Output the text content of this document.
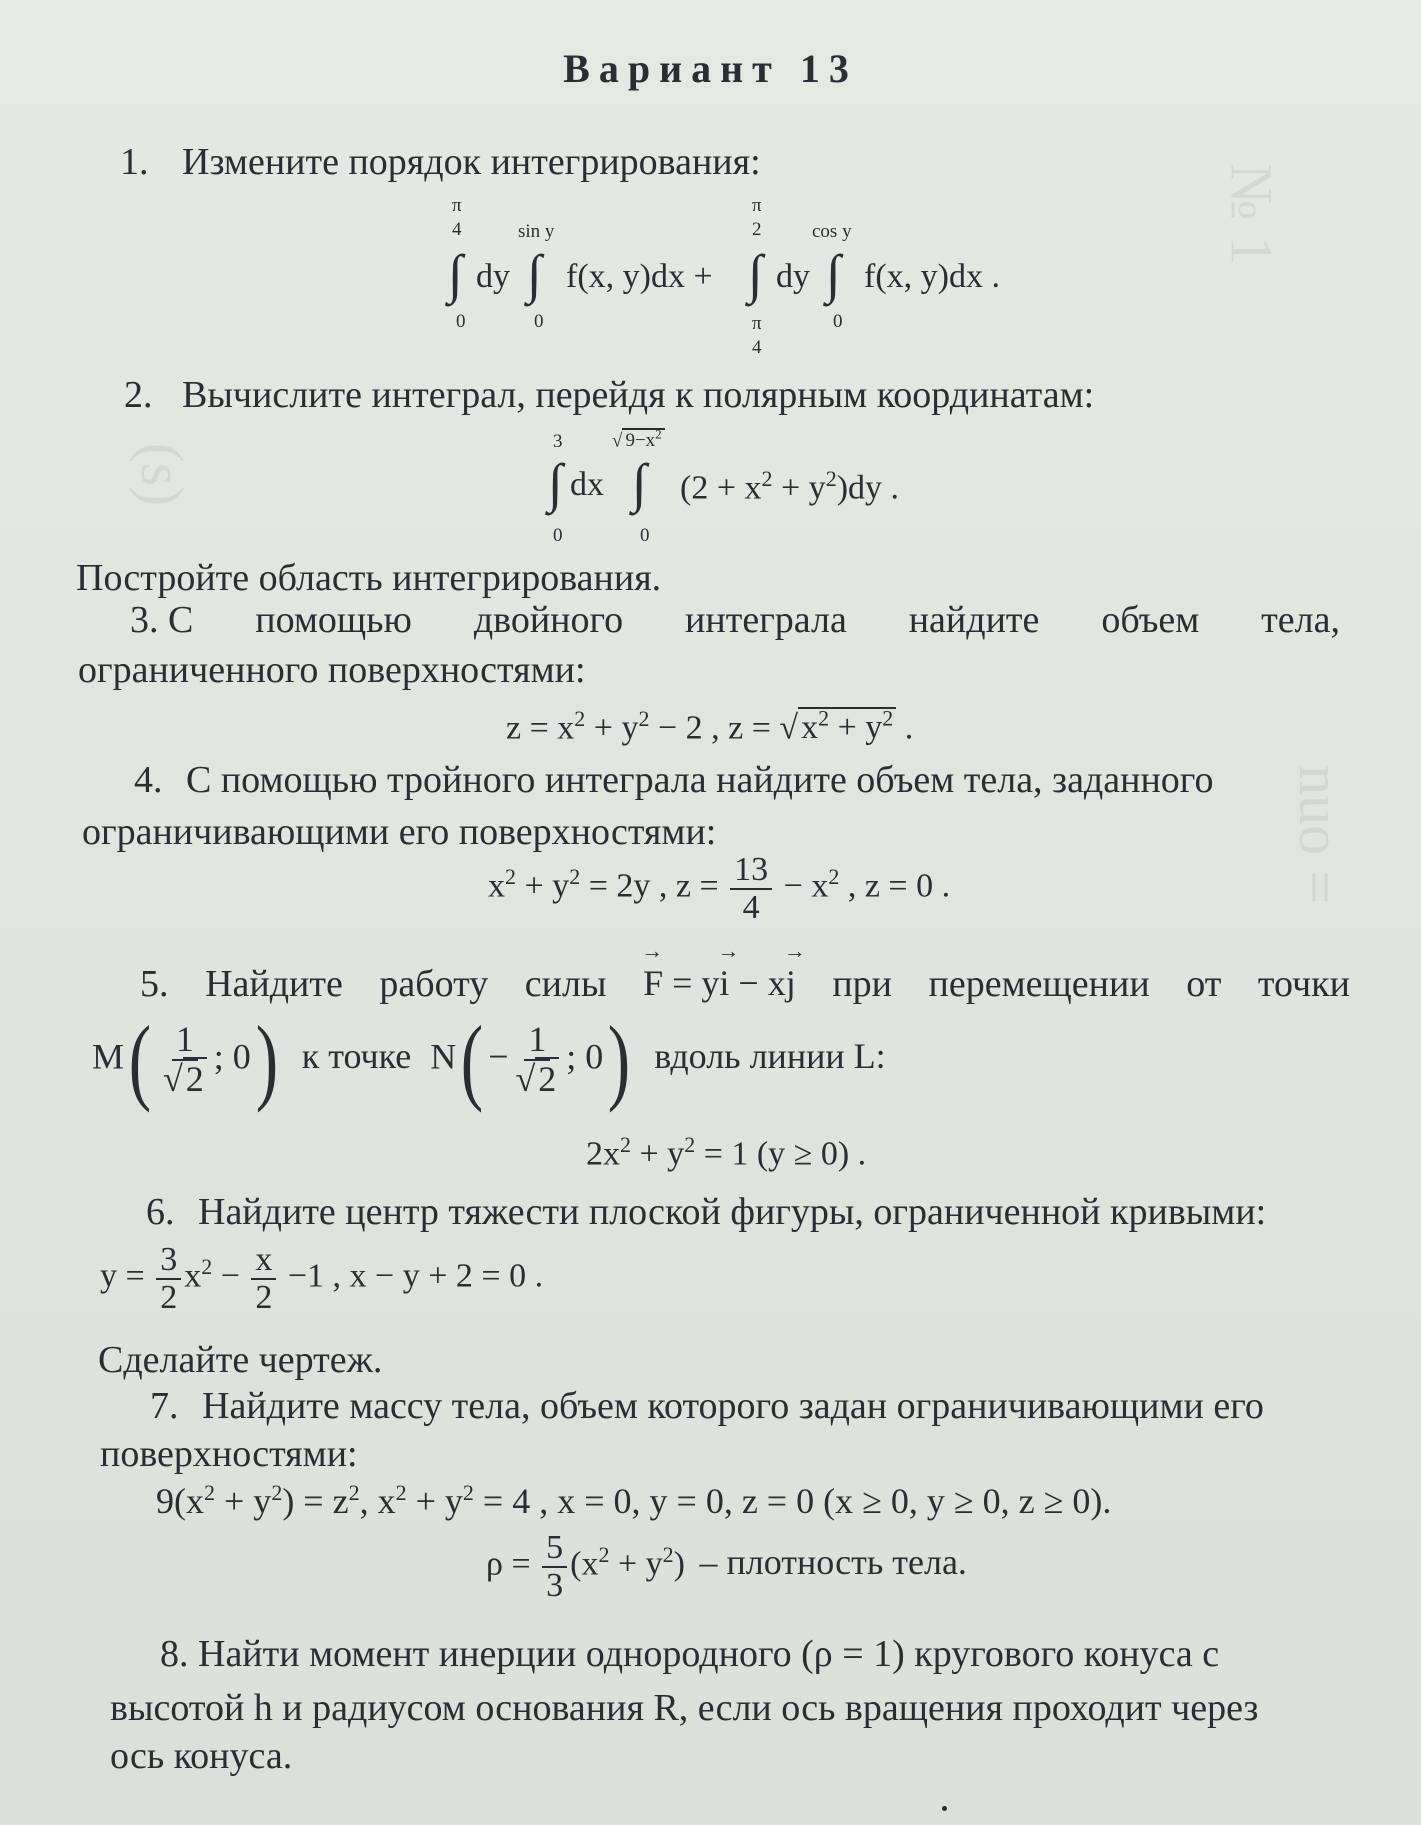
№ 1
nuo =
(s)
Вариант 13
1. Измените порядок интегрирования:
π
4
∫
0
dy
sin y
∫
0
f(x, y)dx +
π
2
∫
π
4
dy
cos y
∫
0
f(x, y)dx .
2. Вычислите интеграл, перейдя к полярным координатам:
3
∫
0
dx
√ $9-x^2$
∫
0
$(2 + x^2 + y^2)dy$ .
Постройте область интегрирования.
3. С помощью двойного интеграла найдите объем тела,
ограниченного поверхностями:
$z = x^2 + y^2 - 2$ , $z = √x^2 + y^2$ .
4. С помощью тройного интеграла найдите объем тела, заданного
ограничивающими его поверхностями:
$x^2 + y^2 = 2y$ , $z = \frac{13}{4} - x^2$ , z = 0 .
5. Найдите работу силы
→ F = y→ i − x→ j при перемещении от точки
$M( \frac{1}{√2}$ ; 0) к точке $N( - \frac{1}{√2}$ ; 0) вдоль линии L:
$2x^2 + y^2 = 1$ (y ≥ 0) .
6. Найдите центр тяжести плоской фигуры, ограниченной кривыми:
$y = \frac{3}{2} x^2 - \frac{x}{2} -1$ , x − y + 2 = 0 .
Сделайте чертеж.
7. Найдите массу тела, объем которого задан ограничивающими его
поверхностями:
$9(x^2 + y^2) = z^2$, $x^2 + y^2 = 4$ , x = 0, y = 0, z = 0 (x ≥ 0, y ≥ 0, z ≥ 0).
$\rho = \frac{5}{3} (x^2 + y^2)$ – плотность тела.
8. Найти момент инерции однородного (ρ = 1) кругового конуса с
высотой h и радиусом основания R, если ось вращения проходит через
ось конуса.
